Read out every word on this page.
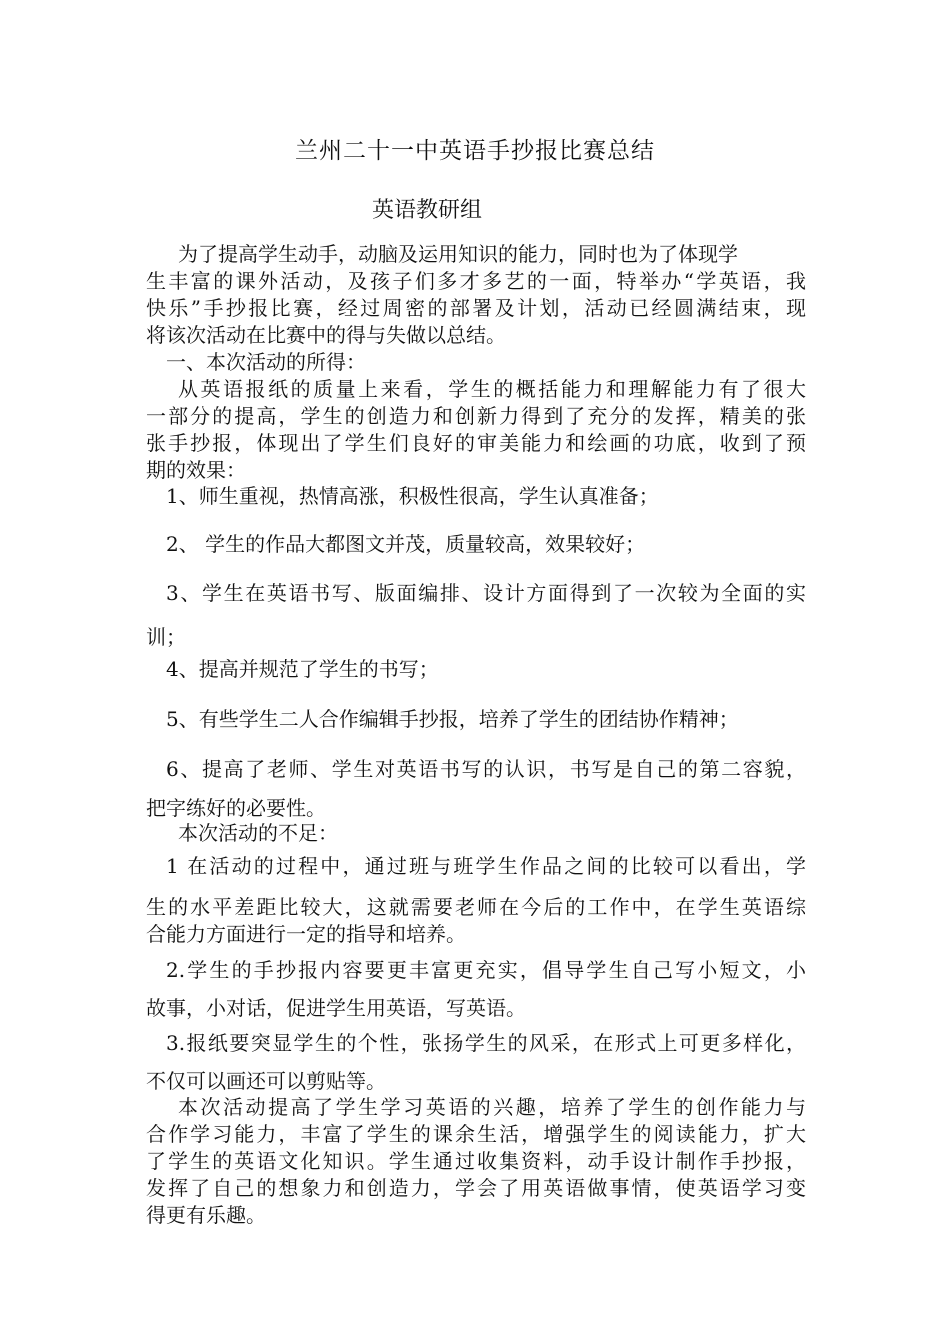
兰州二十一中英语手抄报比赛总结
英语教研组
为了提高学生动手，动脑及运用知识的能力，同时也为了体现学
生丰富的课外活动，及孩子们多才多艺的一面，特举办“学英语，我
快乐”手抄报比赛，经过周密的部署及计划，活动已经圆满结束，现
将该次活动在比赛中的得与失做以总结。
一、本次活动的所得：
从英语报纸的质量上来看，学生的概括能力和理解能力有了很大
一部分的提高，学生的创造力和创新力得到了充分的发挥，精美的张
张手抄报，体现出了学生们良好的审美能力和绘画的功底，收到了预
期的效果：
1、师生重视，热情高涨，积极性很高，学生认真准备；
2、 学生的作品大都图文并茂，质量较高，效果较好；
3、学生在英语书写、版面编排、设计方面得到了一次较为全面的实
训；
4、提高并规范了学生的书写；
5、有些学生二人合作编辑手抄报，培养了学生的团结协作精神；
6、提高了老师、学生对英语书写的认识，书写是自己的第二容貌，
把字练好的必要性。
本次活动的不足：
1 在活动的过程中，通过班与班学生作品之间的比较可以看出，学
生的水平差距比较大，这就需要老师在今后的工作中，在学生英语综
合能力方面进行一定的指导和培养。
2.学生的手抄报内容要更丰富更充实，倡导学生自己写小短文，小
故事，小对话，促进学生用英语，写英语。
3.报纸要突显学生的个性，张扬学生的风采，在形式上可更多样化，
不仅可以画还可以剪贴等。
本次活动提高了学生学习英语的兴趣，培养了学生的创作能力与
合作学习能力，丰富了学生的课余生活，增强学生的阅读能力，扩大
了学生的英语文化知识。学生通过收集资料，动手设计制作手抄报，
发挥了自己的想象力和创造力，学会了用英语做事情，使英语学习变
得更有乐趣。
